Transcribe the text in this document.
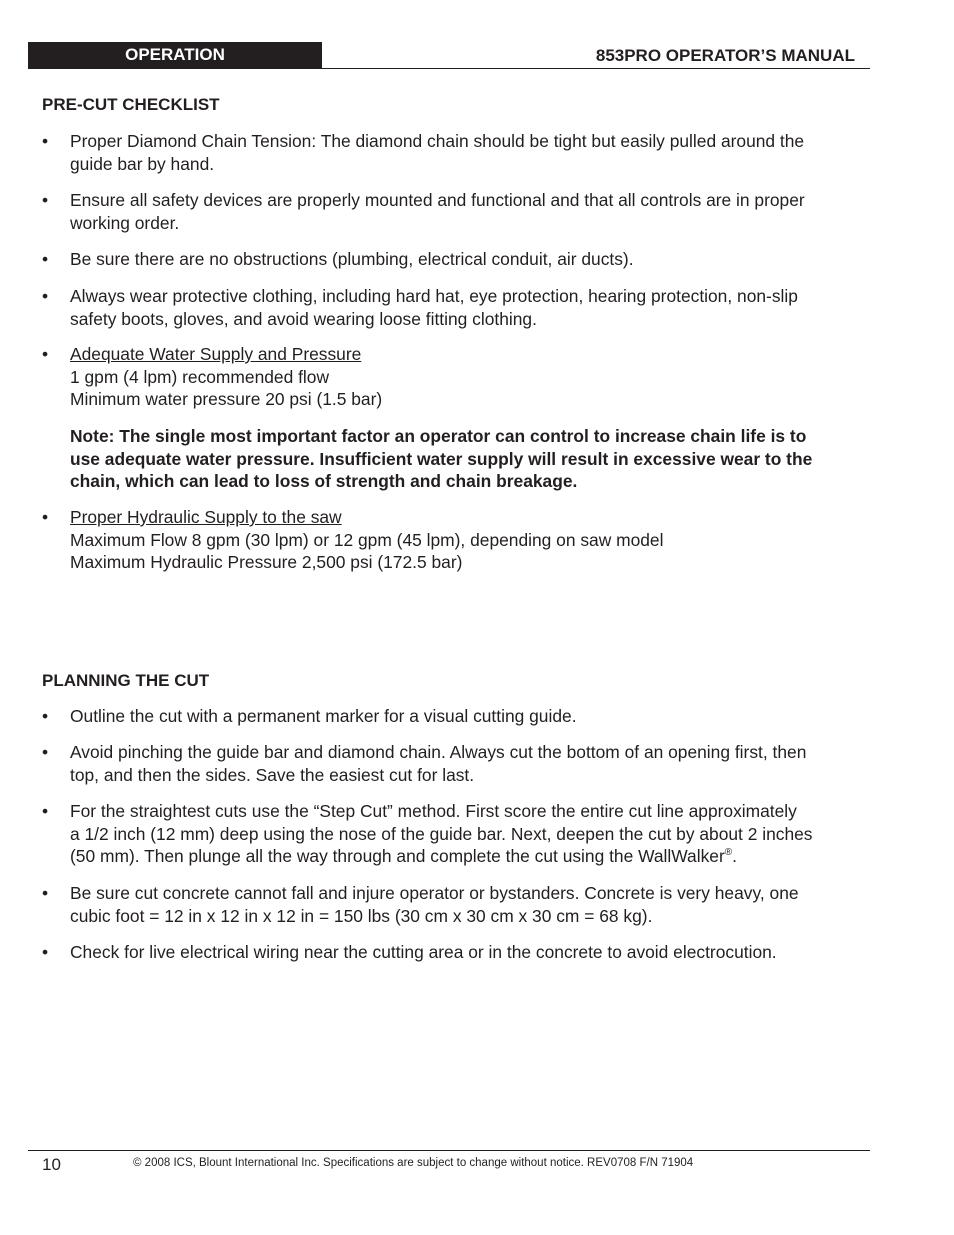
OPERATION	853PRO OPERATOR’S MANUAL
PRE-CUT CHECKLIST
• Proper Diamond Chain Tension: The diamond chain should be tight but easily pulled around the
guide bar by hand.
• Ensure all safety devices are properly mounted and functional and that all controls are in proper
working order.
• Be sure there are no obstructions (plumbing, electrical conduit, air ducts).
• Always wear protective clothing, including hard hat, eye protection, hearing protection, non-slip
safety boots, gloves, and avoid wearing loose fitting clothing.
• Adequate Water Supply and Pressure
1 gpm (4 lpm) recommended flow
Minimum water pressure 20 psi (1.5 bar)
Note: The single most important factor an operator can control to increase chain life is to
use adequate water pressure. Insufficient water supply will result in excessive wear to the
chain, which can lead to loss of strength and chain breakage.
• Proper Hydraulic Supply to the saw
Maximum Flow 8 gpm (30 lpm) or 12 gpm (45 lpm), depending on saw model
Maximum Hydraulic Pressure 2,500 psi (172.5 bar)
PLANNING THE CUT
• Outline the cut with a permanent marker for a visual cutting guide.
• Avoid pinching the guide bar and diamond chain. Always cut the bottom of an opening first, then
top, and then the sides. Save the easiest cut for last.
• For the straightest cuts use the “Step Cut” method. First score the entire cut line approximately
a 1/2 inch (12 mm) deep using the nose of the guide bar. Next, deepen the cut by about 2 inches
(50 mm). Then plunge all the way through and complete the cut using the WallWalker®.
• Be sure cut concrete cannot fall and injure operator or bystanders. Concrete is very heavy, one
cubic foot = 12 in x 12 in x 12 in = 150 lbs (30 cm x 30 cm x 30 cm = 68 kg).
• Check for live electrical wiring near the cutting area or in the concrete to avoid electrocution.
10	© 2008 ICS, Blount International Inc. Specifications are subject to change without notice. REV0708 F/N 71904
